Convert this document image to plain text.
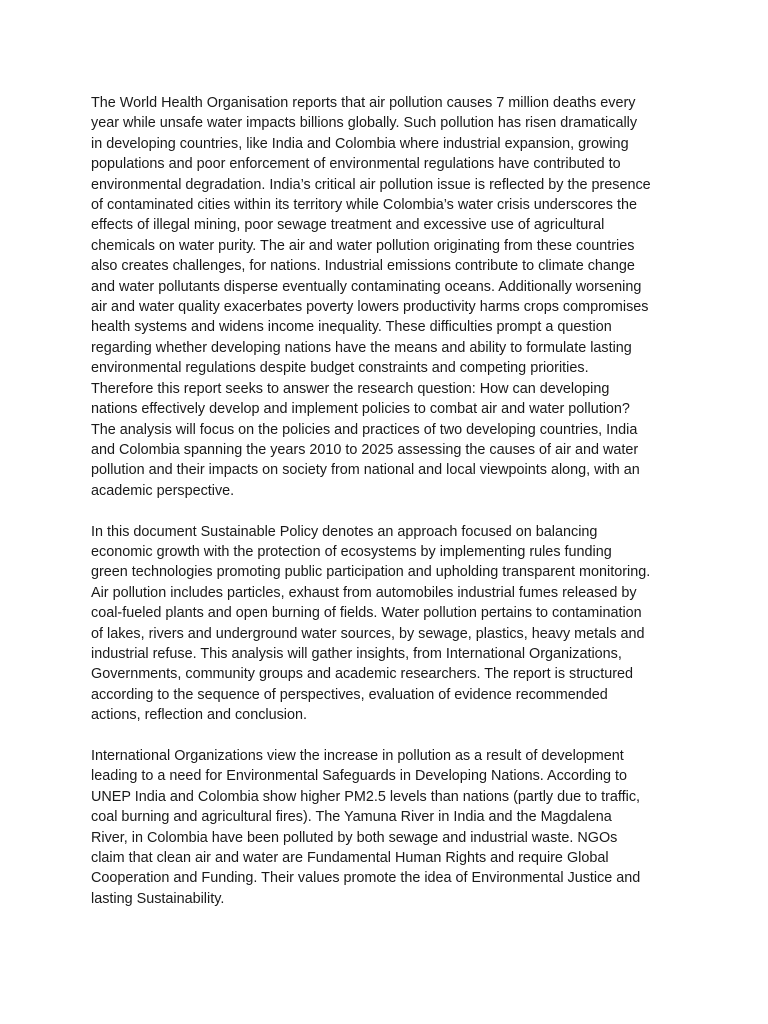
The World Health Organisation reports that air pollution causes 7 million deaths every
year while unsafe water impacts billions globally. Such pollution has risen dramatically
in developing countries, like India and Colombia where industrial expansion, growing
populations and poor enforcement of environmental regulations have contributed to
environmental degradation. India’s critical air pollution issue is reflected by the presence
of contaminated cities within its territory while Colombia’s water crisis underscores the
effects of illegal mining, poor sewage treatment and excessive use of agricultural
chemicals on water purity. The air and water pollution originating from these countries
also creates challenges, for nations. Industrial emissions contribute to climate change
and water pollutants disperse eventually contaminating oceans. Additionally worsening
air and water quality exacerbates poverty lowers productivity harms crops compromises
health systems and widens income inequality. These difficulties prompt a question
regarding whether developing nations have the means and ability to formulate lasting
environmental regulations despite budget constraints and competing priorities.
Therefore this report seeks to answer the research question: How can developing
nations effectively develop and implement policies to combat air and water pollution?
The analysis will focus on the policies and practices of two developing countries, India
and Colombia spanning the years 2010 to 2025 assessing the causes of air and water
pollution and their impacts on society from national and local viewpoints along, with an
academic perspective.

In this document Sustainable Policy denotes an approach focused on balancing
economic growth with the protection of ecosystems by implementing rules funding
green technologies promoting public participation and upholding transparent monitoring.
Air pollution includes particles, exhaust from automobiles industrial fumes released by
coal-fueled plants and open burning of fields. Water pollution pertains to contamination
of lakes, rivers and underground water sources, by sewage, plastics, heavy metals and
industrial refuse. This analysis will gather insights, from International Organizations,
Governments, community groups and academic researchers. The report is structured
according to the sequence of perspectives, evaluation of evidence recommended
actions, reflection and conclusion.

International Organizations view the increase in pollution as a result of development
leading to a need for Environmental Safeguards in Developing Nations. According to
UNEP India and Colombia show higher PM2.5 levels than nations (partly due to traffic,
coal burning and agricultural fires). The Yamuna River in India and the Magdalena
River, in Colombia have been polluted by both sewage and industrial waste. NGOs
claim that clean air and water are Fundamental Human Rights and require Global
Cooperation and Funding. Their values promote the idea of Environmental Justice and
lasting Sustainability.
